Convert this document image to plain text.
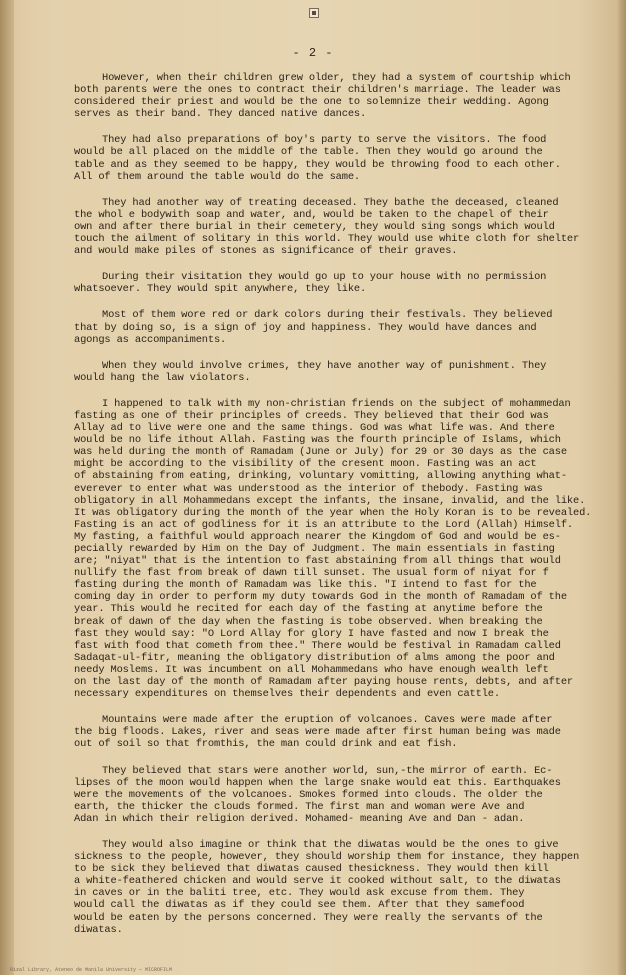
- 2 -
However, when their children grew older, they had a system of courtship which
both parents were the ones to contract their children's marriage. The leader was
considered their priest and would be the one to solemnize their wedding. Agong
serves as their band. They danced native dances.
They had also preparations of boy's party to serve the visitors. The food
would be all placed on the middle of the table. Then they would go around the
table and as they seemed to be happy, they would be throwing food to each other.
All of them around the table would do the same.
They had another way of treating deceased. They bathe the deceased, cleaned
the whol e bodywith soap and water, and, would be taken to the chapel of their
own and after there burial in their cemetery, they would sing songs which would
touch the ailment of solitary in this world. They would use white cloth for shelter
and would make piles of stones as significance of their graves.
During their visitation they would go up to your house with no permission
whatsoever. They would spit anywhere, they like.
Most of them wore red or dark colors during their festivals. They believed
that by doing so, is a sign of joy and happiness. They would have dances and
agongs as accompaniments.
When they would involve crimes, they have another way of punishment. They
would hang the law violators.
I happened to talk with my non-christian friends on the subject of mohammedan
fasting as one of their principles of creeds. They believed that their God was
Allay ad to live were one and the same things. God was what life was. And there
would be no life ithout Allah. Fasting was the fourth principle of Islams, which
was held during the month of Ramadam (June or July) for 29 or 30 days as the case
might be according to the visibility of the cresent moon. Fasting was an act
of abstaining from eating, drinking, voluntary vomitting, allowing anything what-
everever to enter what was understood as the interior of thebody. Fasting was
obligatory in all Mohammedans except the infants, the insane, invalid, and the like.
It was obligatory during the month of the year when the Holy Koran is to be revealed.
Fasting is an act of godliness for it is an attribute to the Lord (Allah) Himself.
My fasting, a faithful would approach nearer the Kingdom of God and would be es-
pecially rewarded by Him on the Day of Judgment. The main essentials in fasting
are; "niyat" that is the intention to fast abstaining from all things that would
nullify the fast from break of dawn till sunset. The usual form of niyat for f
fasting during the month of Ramadam was like this. "I intend to fast for the
coming day in order to perform my duty towards God in the month of Ramadam of the
year. This would he recited for each day of the fasting at anytime before the
break of dawn of the day when the fasting is tobe observed. When breaking the
fast they would say: "O Lord Allay for glory I have fasted and now I break the
fast with food that cometh from thee." There would be festival in Ramadam called
Sadaqat-ul-fitr, meaning the obligatory distribution of alms among the poor and
needy Moslems. It was incumbent on all Mohammedans who have enough wealth left
on the last day of the month of Ramadam after paying house rents, debts, and after
necessary expenditures on themselves their dependents and even cattle.
Mountains were made after the eruption of volcanoes. Caves were made after
the big floods. Lakes, river and seas were made after first human being was made
out of soil so that fromthis, the man could drink and eat fish.
They believed that stars were another world, sun,-the mirror of earth. Ec-
lipses of the moon would happen when the large snake would eat this. Earthquakes
were the movements of the volcanoes. Smokes formed into clouds. The older the
earth, the thicker the clouds formed. The first man and woman were Ave and
Adan in which their religion derived. Mohamed- meaning Ave and Dan - adan.
They would also imagine or think that the diwatas would be the ones to give
sickness to the people, however, they should worship them for instance, they happen
to be sick they believed that diwatas caused thesickness. They would then kill
a white-feathered chicken and would serve it cooked without salt, to the diwatas
in caves or in the baliti tree, etc. They would ask excuse from them. They
would call the diwatas as if they could see them. After that they samefood
would be eaten by the persons concerned. They were really the servants of the
diwatas.
Rizal Library, Ateneo de Manila University — MICROFILM
